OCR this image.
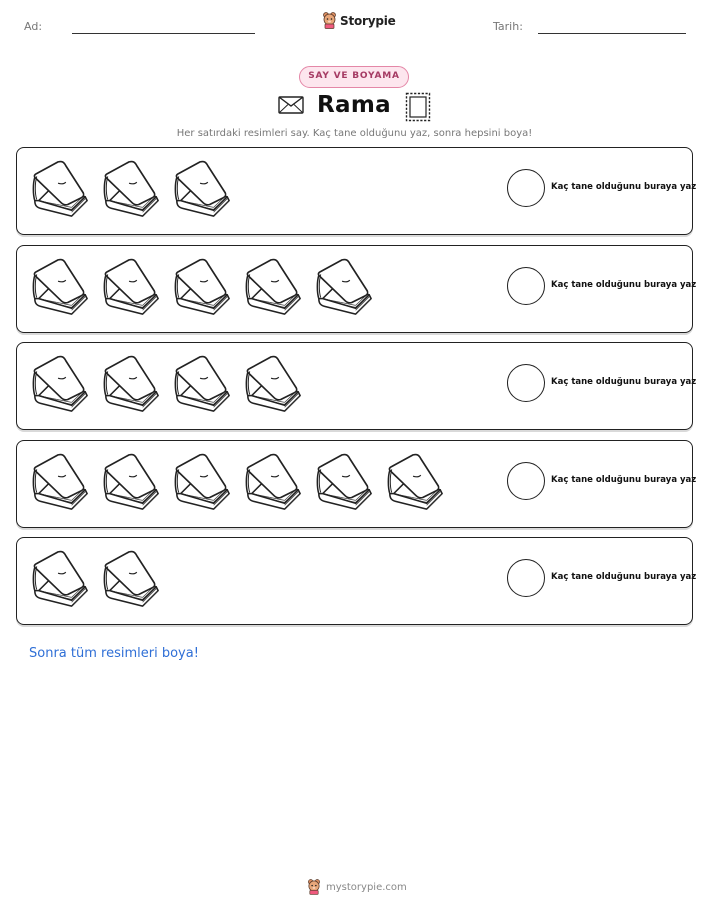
Ad:	Storypie	Tarih:
SAY VE BOYAMA
Rama
Her satırdaki resimleri say. Kaç tane olduğunu yaz, sonra hepsini boya!
Kaç tane olduğunu buraya yaz
Kaç tane olduğunu buraya yaz
Kaç tane olduğunu buraya yaz
Kaç tane olduğunu buraya yaz
Kaç tane olduğunu buraya yaz
Sonra tüm resimleri boya!
mystorypie.com
